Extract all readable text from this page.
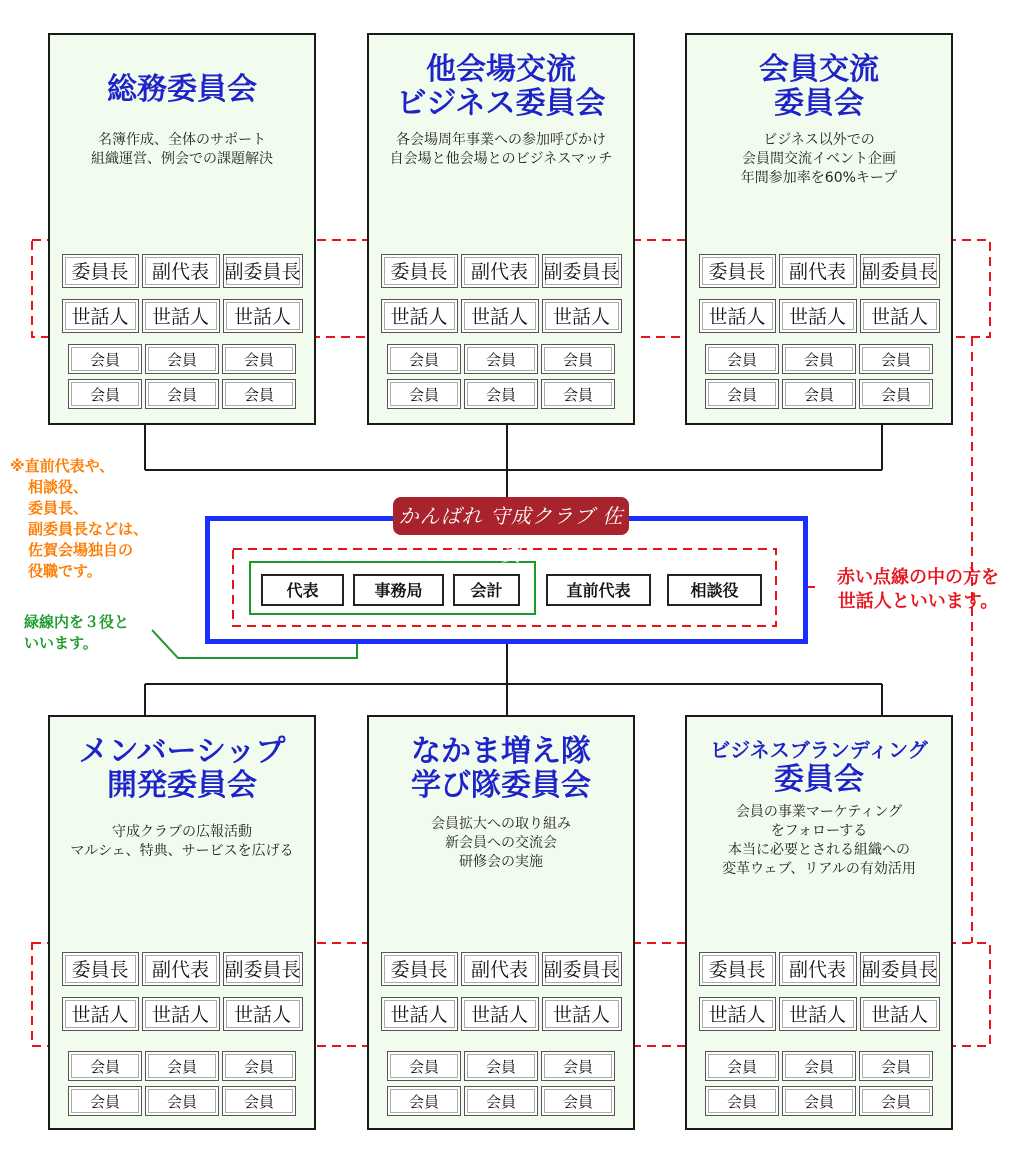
総務委員会
名簿作成、全体のサポート
組織運営、例会での課題解決
委員長	副代表 副委員長
世話人	世話人	世話人
会員	会員	会員
会員	会員	会員
他会場交流
ビジネス委員会
各会場周年事業への参加呼びかけ
自会場と他会場とのビジネスマッチ
委員長	副代表 副委員長
世話人	世話人	世話人
会員	会員	会員
会員	会員	会員
会員交流
委員会
ビジネス以外での
会員間交流イベント企画
年間参加率を60%キープ
委員長	副代表 副委員長
世話人	世話人	世話人
会員	会員	会員
会員	会員	会員
メンバーシップ
開発委員会
守成クラブの広報活動
マルシェ、特典、サービスを広げる
委員長	副代表 副委員長
世話人	世話人	世話人
会員	会員	会員
会員	会員	会員
なかま増え隊
学び隊委員会
会員拡大への取り組み
新会員への交流会
研修会の実施
委員長	副代表 副委員長
世話人	世話人	世話人
会員	会員	会員
会員	会員	会員
ビジネスブランディング
委員会
会員の事業マーケティング
をフォローする
本当に必要とされる組織への
変革ウェブ、リアルの有効活用
委員長	副代表 副委員長
世話人	世話人	世話人
会員	会員	会員
会員	会員	会員
かんばれ 守成クラブ 佐賀
代表	事務局	会計	直前代表	相談役
※直前代表や、
相談役、
委員長、
副委員長などは、
佐賀会場独自の
役職です。
緑線内を３役と
いいます。
赤い点線の中の方を
世話人といいます。
